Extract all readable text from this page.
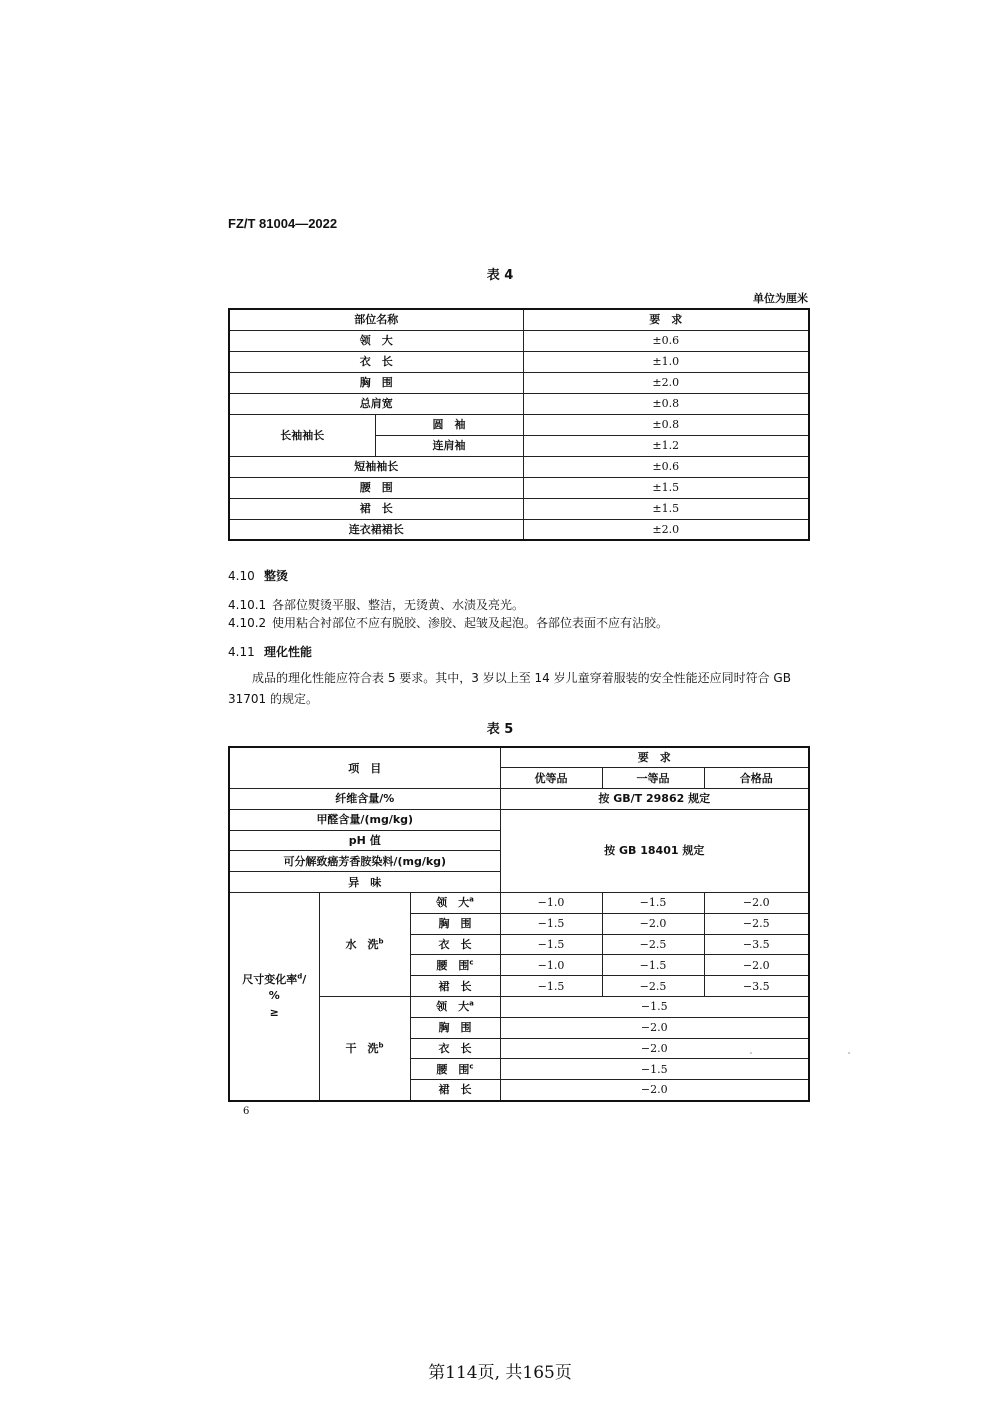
FZ/T 81004—2022
表 4
单位为厘米
部位名称		要　求
领　大		±0.6
衣　长		±1.0
胸　围		±2.0
总肩宽		±0.8
长袖袖长	圆　袖	±0.8
	连肩袖	±1.2
短袖袖长		±0.6
腰　围		±1.5
裙　长		±1.5
连衣裙裙长		±2.0
4.10 整烫
4.10.1 各部位熨烫平服、整洁，无烫黄、水渍及亮光。
4.10.2 使用粘合衬部位不应有脱胶、渗胶、起皱及起泡。各部位表面不应有沾胶。
4.11 理化性能
成品的理化性能应符合表 5 要求。其中，3 岁以上至 14 岁儿童穿着服装的安全性能还应同时符合 GB 31701 的规定。
表 5
项　目			要　求		
			优等品	一等品	合格品
纤维含量/%			按 GB/T 29862 规定		
甲醛含量/(mg/kg)			按 GB 18401 规定		
pH 值					
可分解致癌芳香胺染料/(mg/kg)					
异　味					
尺寸变化率$^d$/
%
≥	水　洗$^b$	领　大$^a$	−1.0	−1.5	−2.0
		胸　围	−1.5	−2.0	−2.5
		衣　长	−1.5	−2.5	−3.5
		腰　围$^c$	−1.0	−1.5	−2.0
		裙　长	−1.5	−2.5	−3.5
	干　洗$^b$	领　大$^a$	−1.5		
		胸　围	−2.0		
		衣　长	−2.0		
		腰　围$^c$	−1.5		
		裙　长	−2.0		
6
第114页, 共165页
